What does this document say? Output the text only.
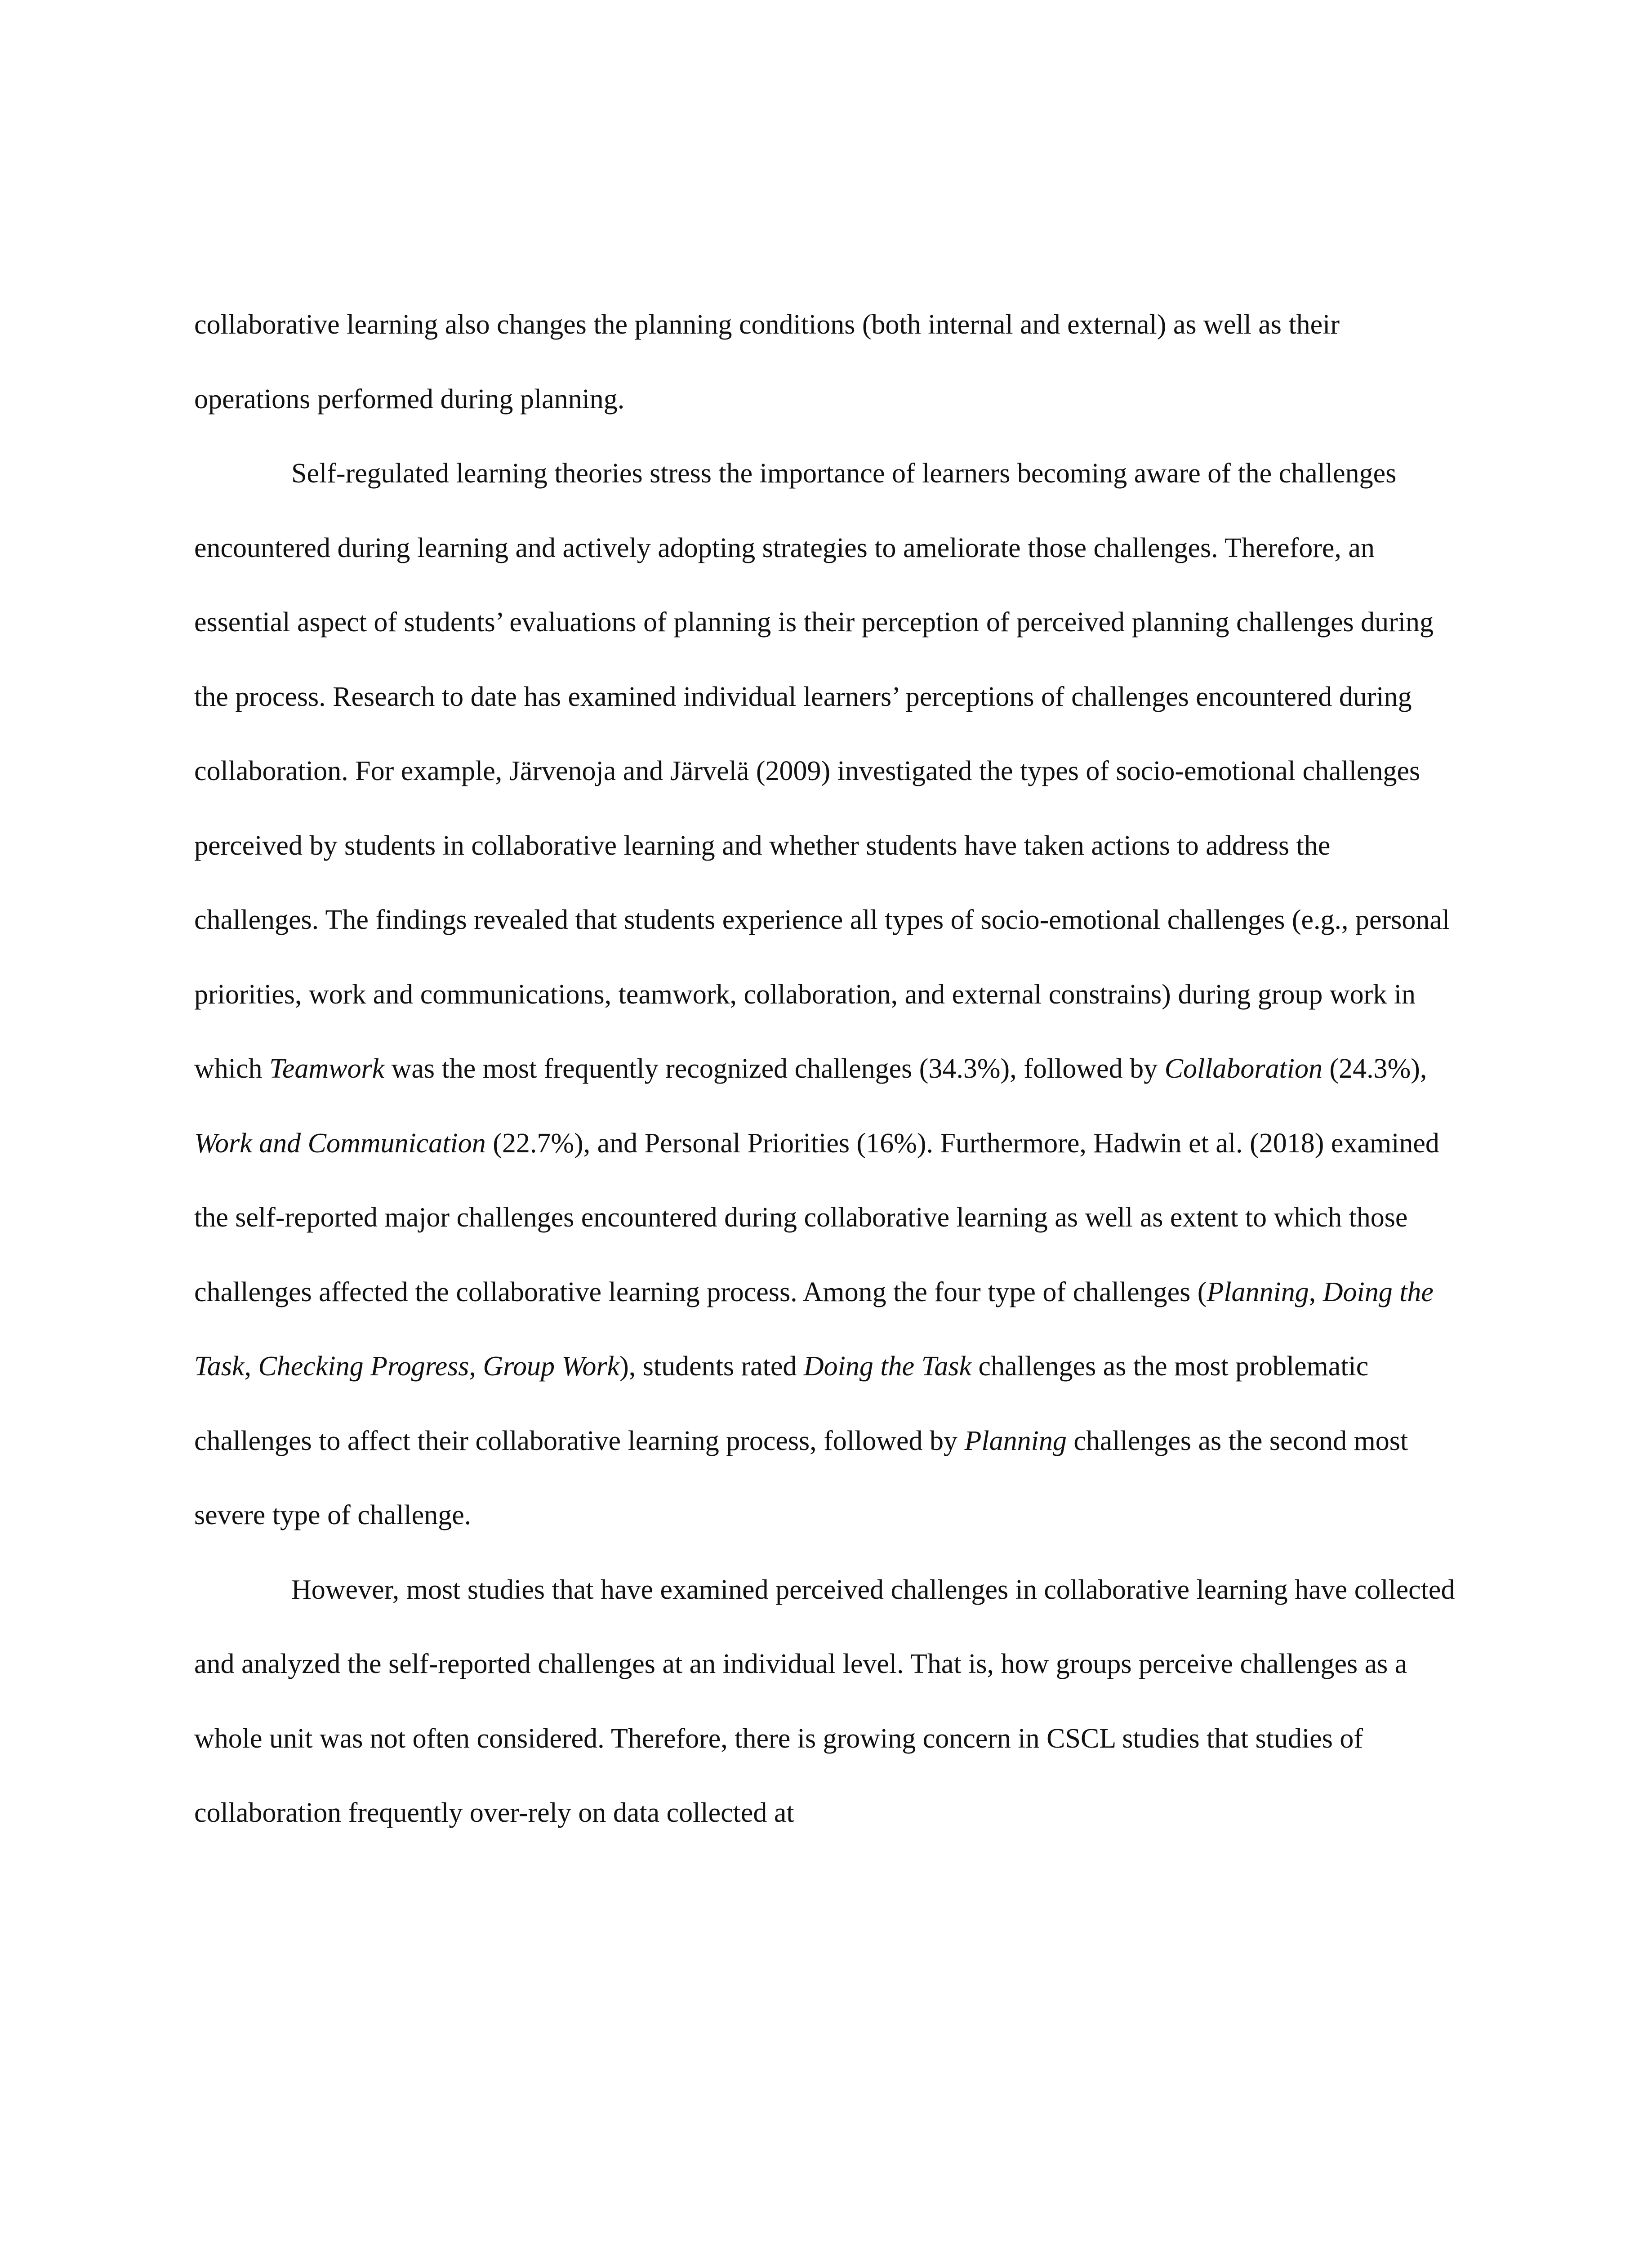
collaborative learning also changes the planning conditions (both internal and external) as well as their operations performed during planning.

Self-regulated learning theories stress the importance of learners becoming aware of the challenges encountered during learning and actively adopting strategies to ameliorate those challenges. Therefore, an essential aspect of students’ evaluations of planning is their perception of perceived planning challenges during the process. Research to date has examined individual learners’ perceptions of challenges encountered during collaboration. For example, Järvenoja and Järvelä (2009) investigated the types of socio-emotional challenges perceived by students in collaborative learning and whether students have taken actions to address the challenges. The findings revealed that students experience all types of socio-emotional challenges (e.g., personal priorities, work and communications, teamwork, collaboration, and external constrains) during group work in which Teamwork was the most frequently recognized challenges (34.3%), followed by Collaboration (24.3%), Work and Communication (22.7%), and Personal Priorities (16%). Furthermore, Hadwin et al. (2018) examined the self-reported major challenges encountered during collaborative learning as well as extent to which those challenges affected the collaborative learning process. Among the four type of challenges (Planning, Doing the Task, Checking Progress, Group Work), students rated Doing the Task challenges as the most problematic challenges to affect their collaborative learning process, followed by Planning challenges as the second most severe type of challenge.

However, most studies that have examined perceived challenges in collaborative learning have collected and analyzed the self-reported challenges at an individual level. That is, how groups perceive challenges as a whole unit was not often considered. Therefore, there is growing concern in CSCL studies that studies of collaboration frequently over-rely on data collected at
